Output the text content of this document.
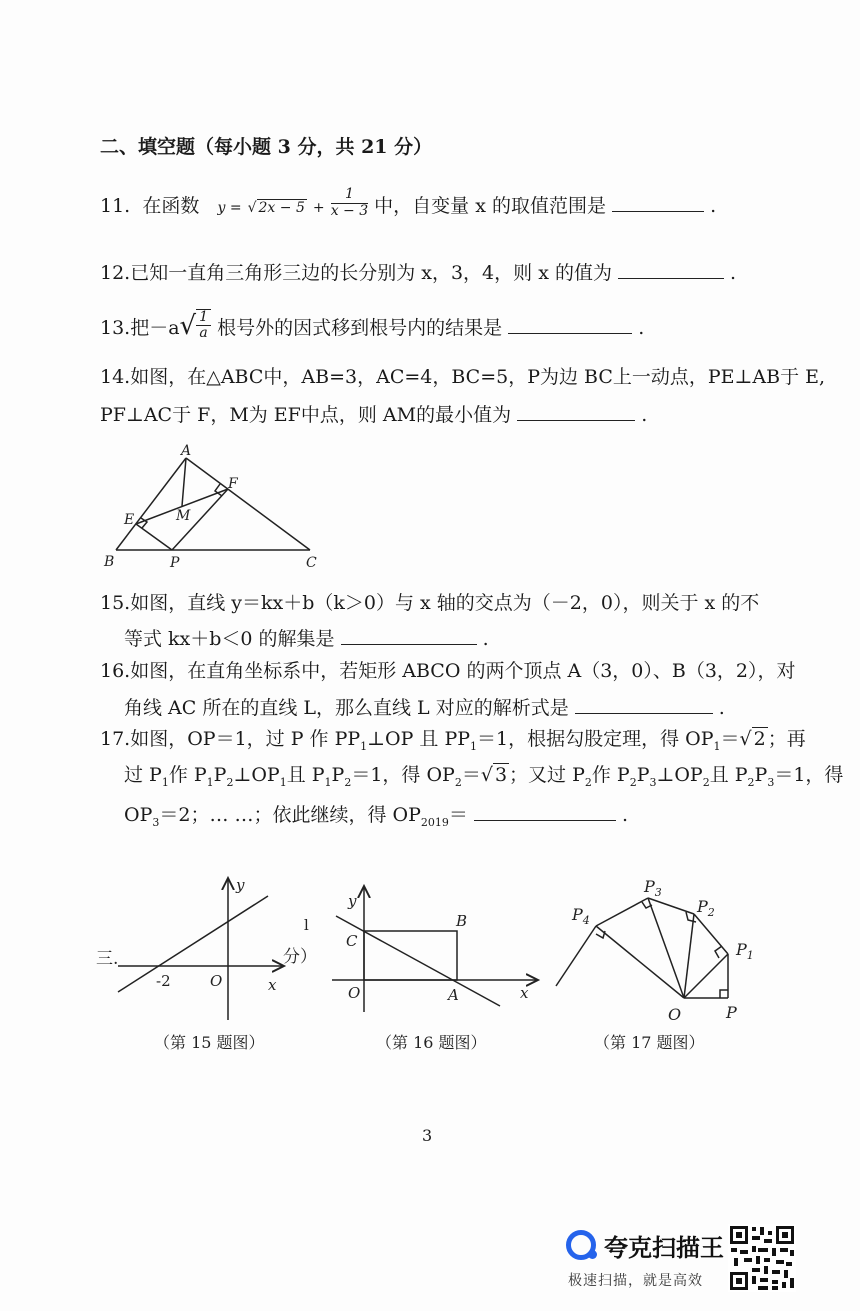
二、填空题（每小题 3 分，共 21 分）
11. 在函数 y = √ $2x - 5 + \frac{1}{x - 3}$ 中，自变量 x 的取值范围是	.
12.已知一直角三角形三边的长分别为 x，3，4，则 x 的值为	.
13.把$-a√ \frac{1}{a}$ 根号外的因式移到根号内的结果是	.
14.如图，在△ABC中，AB=3，AC=4，BC=5，P为边 BC上一动点，PE⊥AB于 E,
PF⊥AC于 F，M为 EF中点，则 AM的最小值为	.
A
B	C
E
F
M
P
15.如图，直线 y＝kx＋b（k＞0）与 x 轴的交点为（－2，0），则关于 x 的不
等式 kx＋b＜0 的解集是	.
16.如图，在直角坐标系中，若矩形 ABCO 的两个顶点 A（3，0）、B（3，2），对
角线 AC 所在的直线 L，那么直线 L 对应的解析式是	.
17.如图，OP＝1，过 P 作 $PP_1\perp OP$ 且 $PP_1=1$，根据勾股定理，得 $OP_1=√$ 2 ；再
过 $P_1$作 $P_1P_2\perp OP_1$且 $P_1P_2=1$，得 $OP_2=√$ 3 ；又过 $P_2$作 $P_2P_3\perp OP_2$且 $P_2P_3=1$，得
$OP_3=2$；… …；依此继续，得 $OP_{2019}=$	.
y
x
O
-2
三.	分）
（第 15 题图）
y
x
O	A
B
C
l
（第 16 题图）
P
O
$P_1$
$P_2$
$P_3$
$P_4$
（第 17 题图）
3
夸克扫描王
极速扫描，就是高效
